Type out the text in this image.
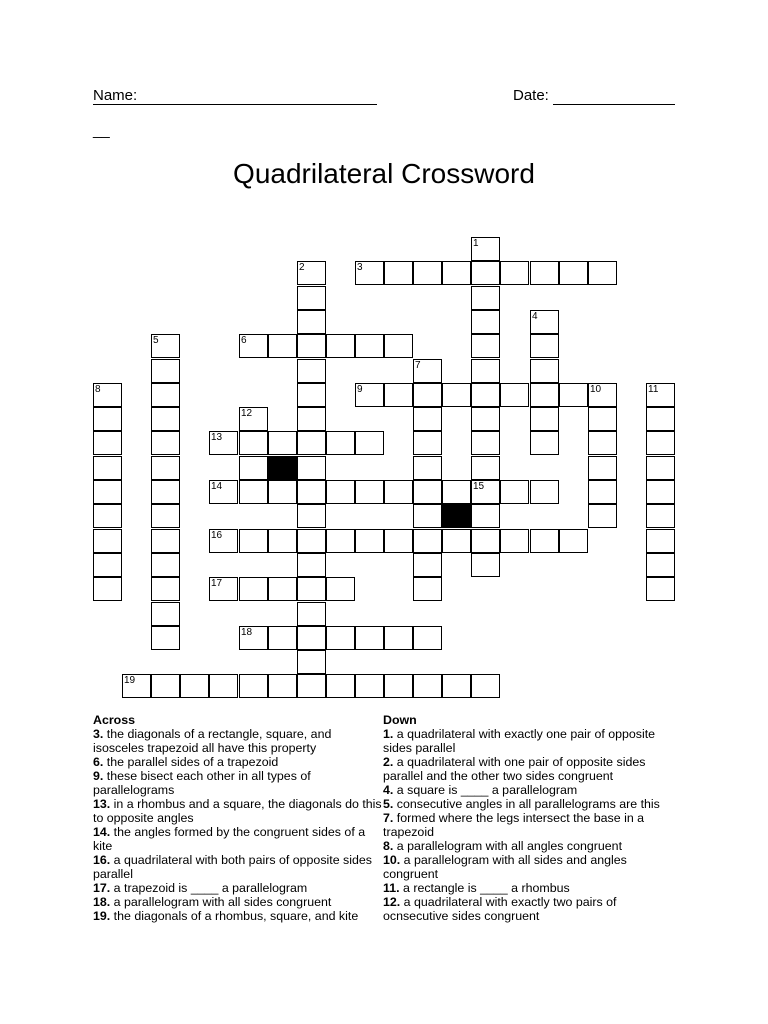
Name:
__
Date:
Quadrilateral Crossword
1
2	3
4
5	6
7
8	9	10	11
12
13
14	15
16
17
18
19
Across
3. the diagonals of a rectangle, square, and isosceles trapezoid all have this property
6. the parallel sides of a trapezoid
9. these bisect each other in all types of parallelograms
13. in a rhombus and a square, the diagonals do this to opposite angles
14. the angles formed by the congruent sides of a kite
16. a quadrilateral with both pairs of opposite sides parallel
17. a trapezoid is ____ a parallelogram
18. a parallelogram with all sides congruent
19. the diagonals of a rhombus, square, and kite
Down
1. a quadrilateral with exactly one pair of opposite sides parallel
2. a quadrilateral with one pair of opposite sides parallel and the other two sides congruent
4. a square is ____ a parallelogram
5. consecutive angles in all parallelograms are this
7. formed where the legs intersect the base in a trapezoid
8. a parallelogram with all angles congruent
10. a parallelogram with all sides and angles congruent
11. a rectangle is ____ a rhombus
12. a quadrilateral with exactly two pairs of ocnsecutive sides congruent
